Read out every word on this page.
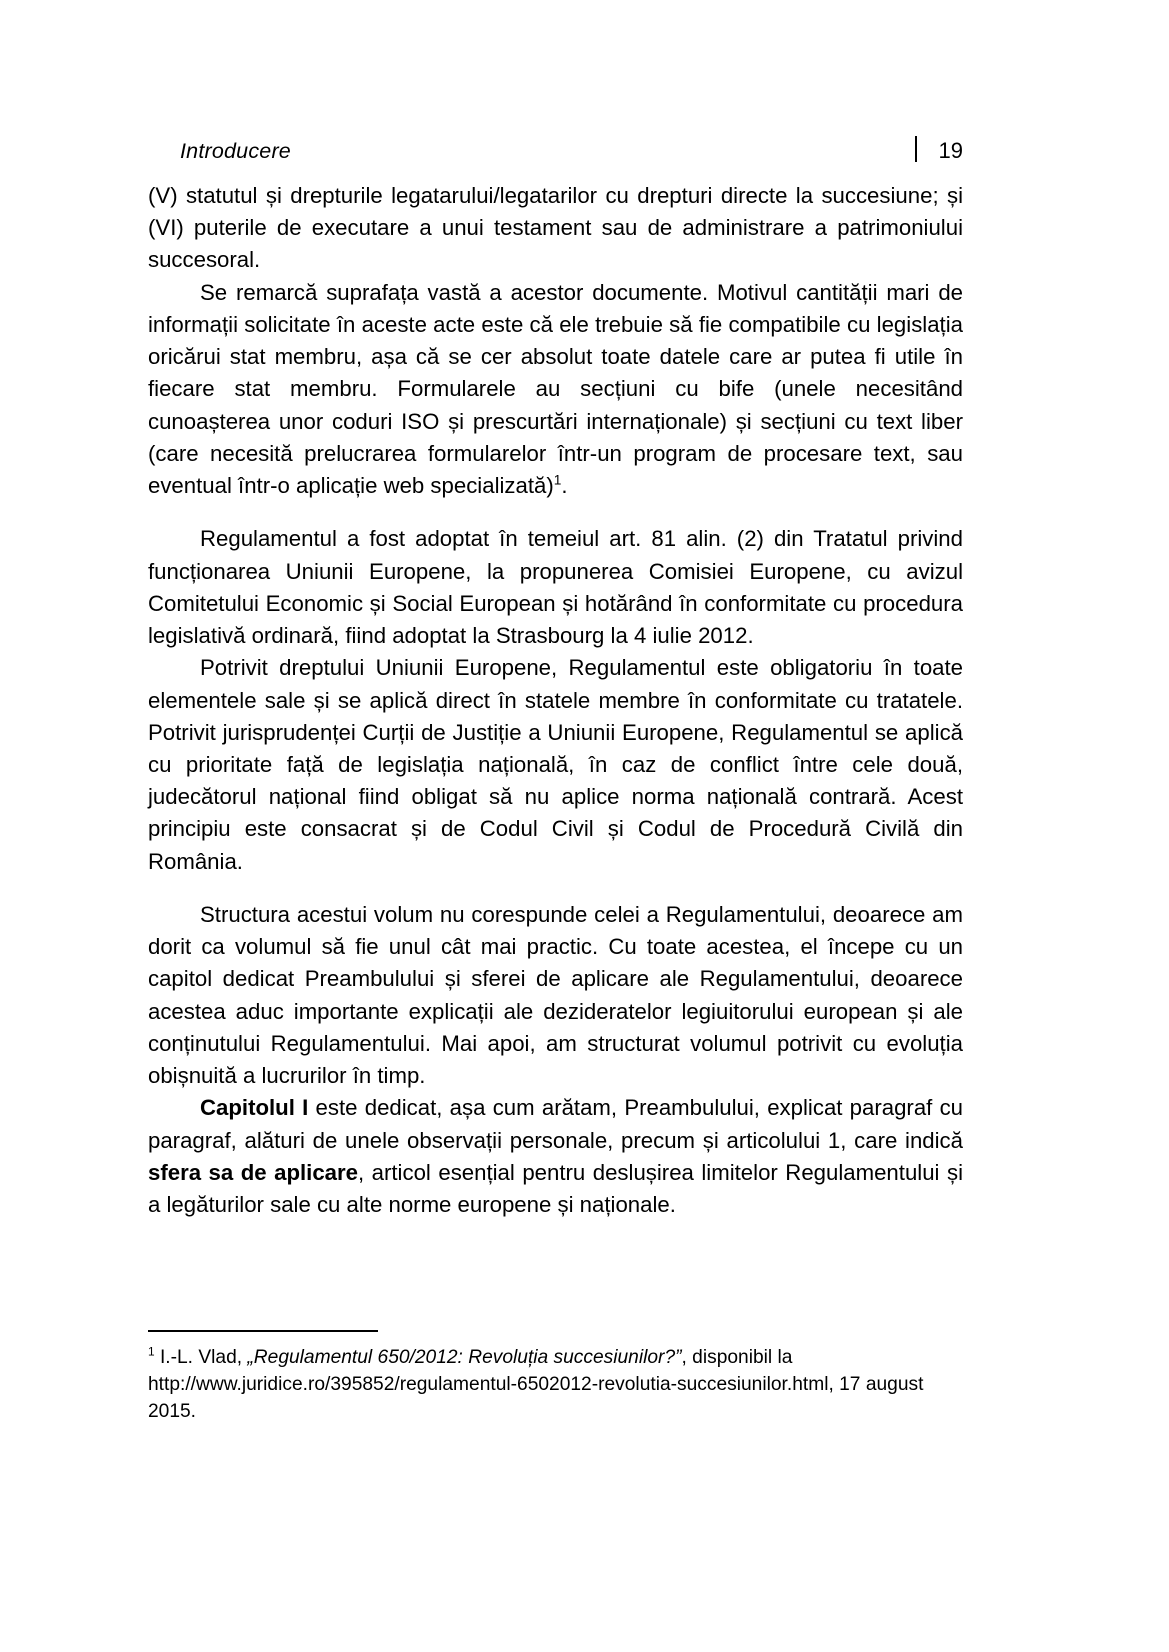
Introducere	19

(V) statutul și drepturile legatarului/legatarilor cu drepturi directe la succesiune; și (VI) puterile de executare a unui testament sau de administrare a patrimoniului succesoral.

Se remarcă suprafața vastă a acestor documente. Motivul cantității mari de informații solicitate în aceste acte este că ele trebuie să fie compatibile cu legislația oricărui stat membru, așa că se cer absolut toate datele care ar putea fi utile în fiecare stat membru. Formularele au secțiuni cu bife (unele necesitând cunoașterea unor coduri ISO și prescurtări internaționale) și secțiuni cu text liber (care necesită prelucrarea formularelor într-un program de procesare text, sau eventual într-o aplicație web specializată)$^1$.

Regulamentul a fost adoptat în temeiul art. 81 alin. (2) din Tratatul privind funcționarea Uniunii Europene, la propunerea Comisiei Europene, cu avizul Comitetului Economic și Social European și hotărând în conformitate cu procedura legislativă ordinară, fiind adoptat la Strasbourg la 4 iulie 2012.

Potrivit dreptului Uniunii Europene, Regulamentul este obligatoriu în toate elementele sale și se aplică direct în statele membre în conformitate cu tratatele. Potrivit jurisprudenței Curții de Justiție a Uniunii Europene, Regulamentul se aplică cu prioritate față de legislația națională, în caz de conflict între cele două, judecătorul național fiind obligat să nu aplice norma națională contrară. Acest principiu este consacrat și de Codul Civil și Codul de Procedură Civilă din România.

Structura acestui volum nu corespunde celei a Regulamentului, deoarece am dorit ca volumul să fie unul cât mai practic. Cu toate acestea, el începe cu un capitol dedicat Preambulului și sferei de aplicare ale Regulamentului, deoarece acestea aduc importante explicații ale dezideratelor legiuitorului european și ale conținutului Regulamentului. Mai apoi, am structurat volumul potrivit cu evoluția obișnuită a lucrurilor în timp.

Capitolul I este dedicat, așa cum arătam, Preambulului, explicat paragraf cu paragraf, alături de unele observații personale, precum și articolului 1, care indică sfera sa de aplicare, articol esențial pentru deslușirea limitelor Regulamentului și a legăturilor sale cu alte norme europene și naționale.

$^1$ I.-L. Vlad, „Regulamentul 650/2012: Revoluția succesiunilor?”, disponibil la http://www.juridice.ro/395852/regulamentul-6502012-revolutia-succesiunilor.html, 17 august 2015.
